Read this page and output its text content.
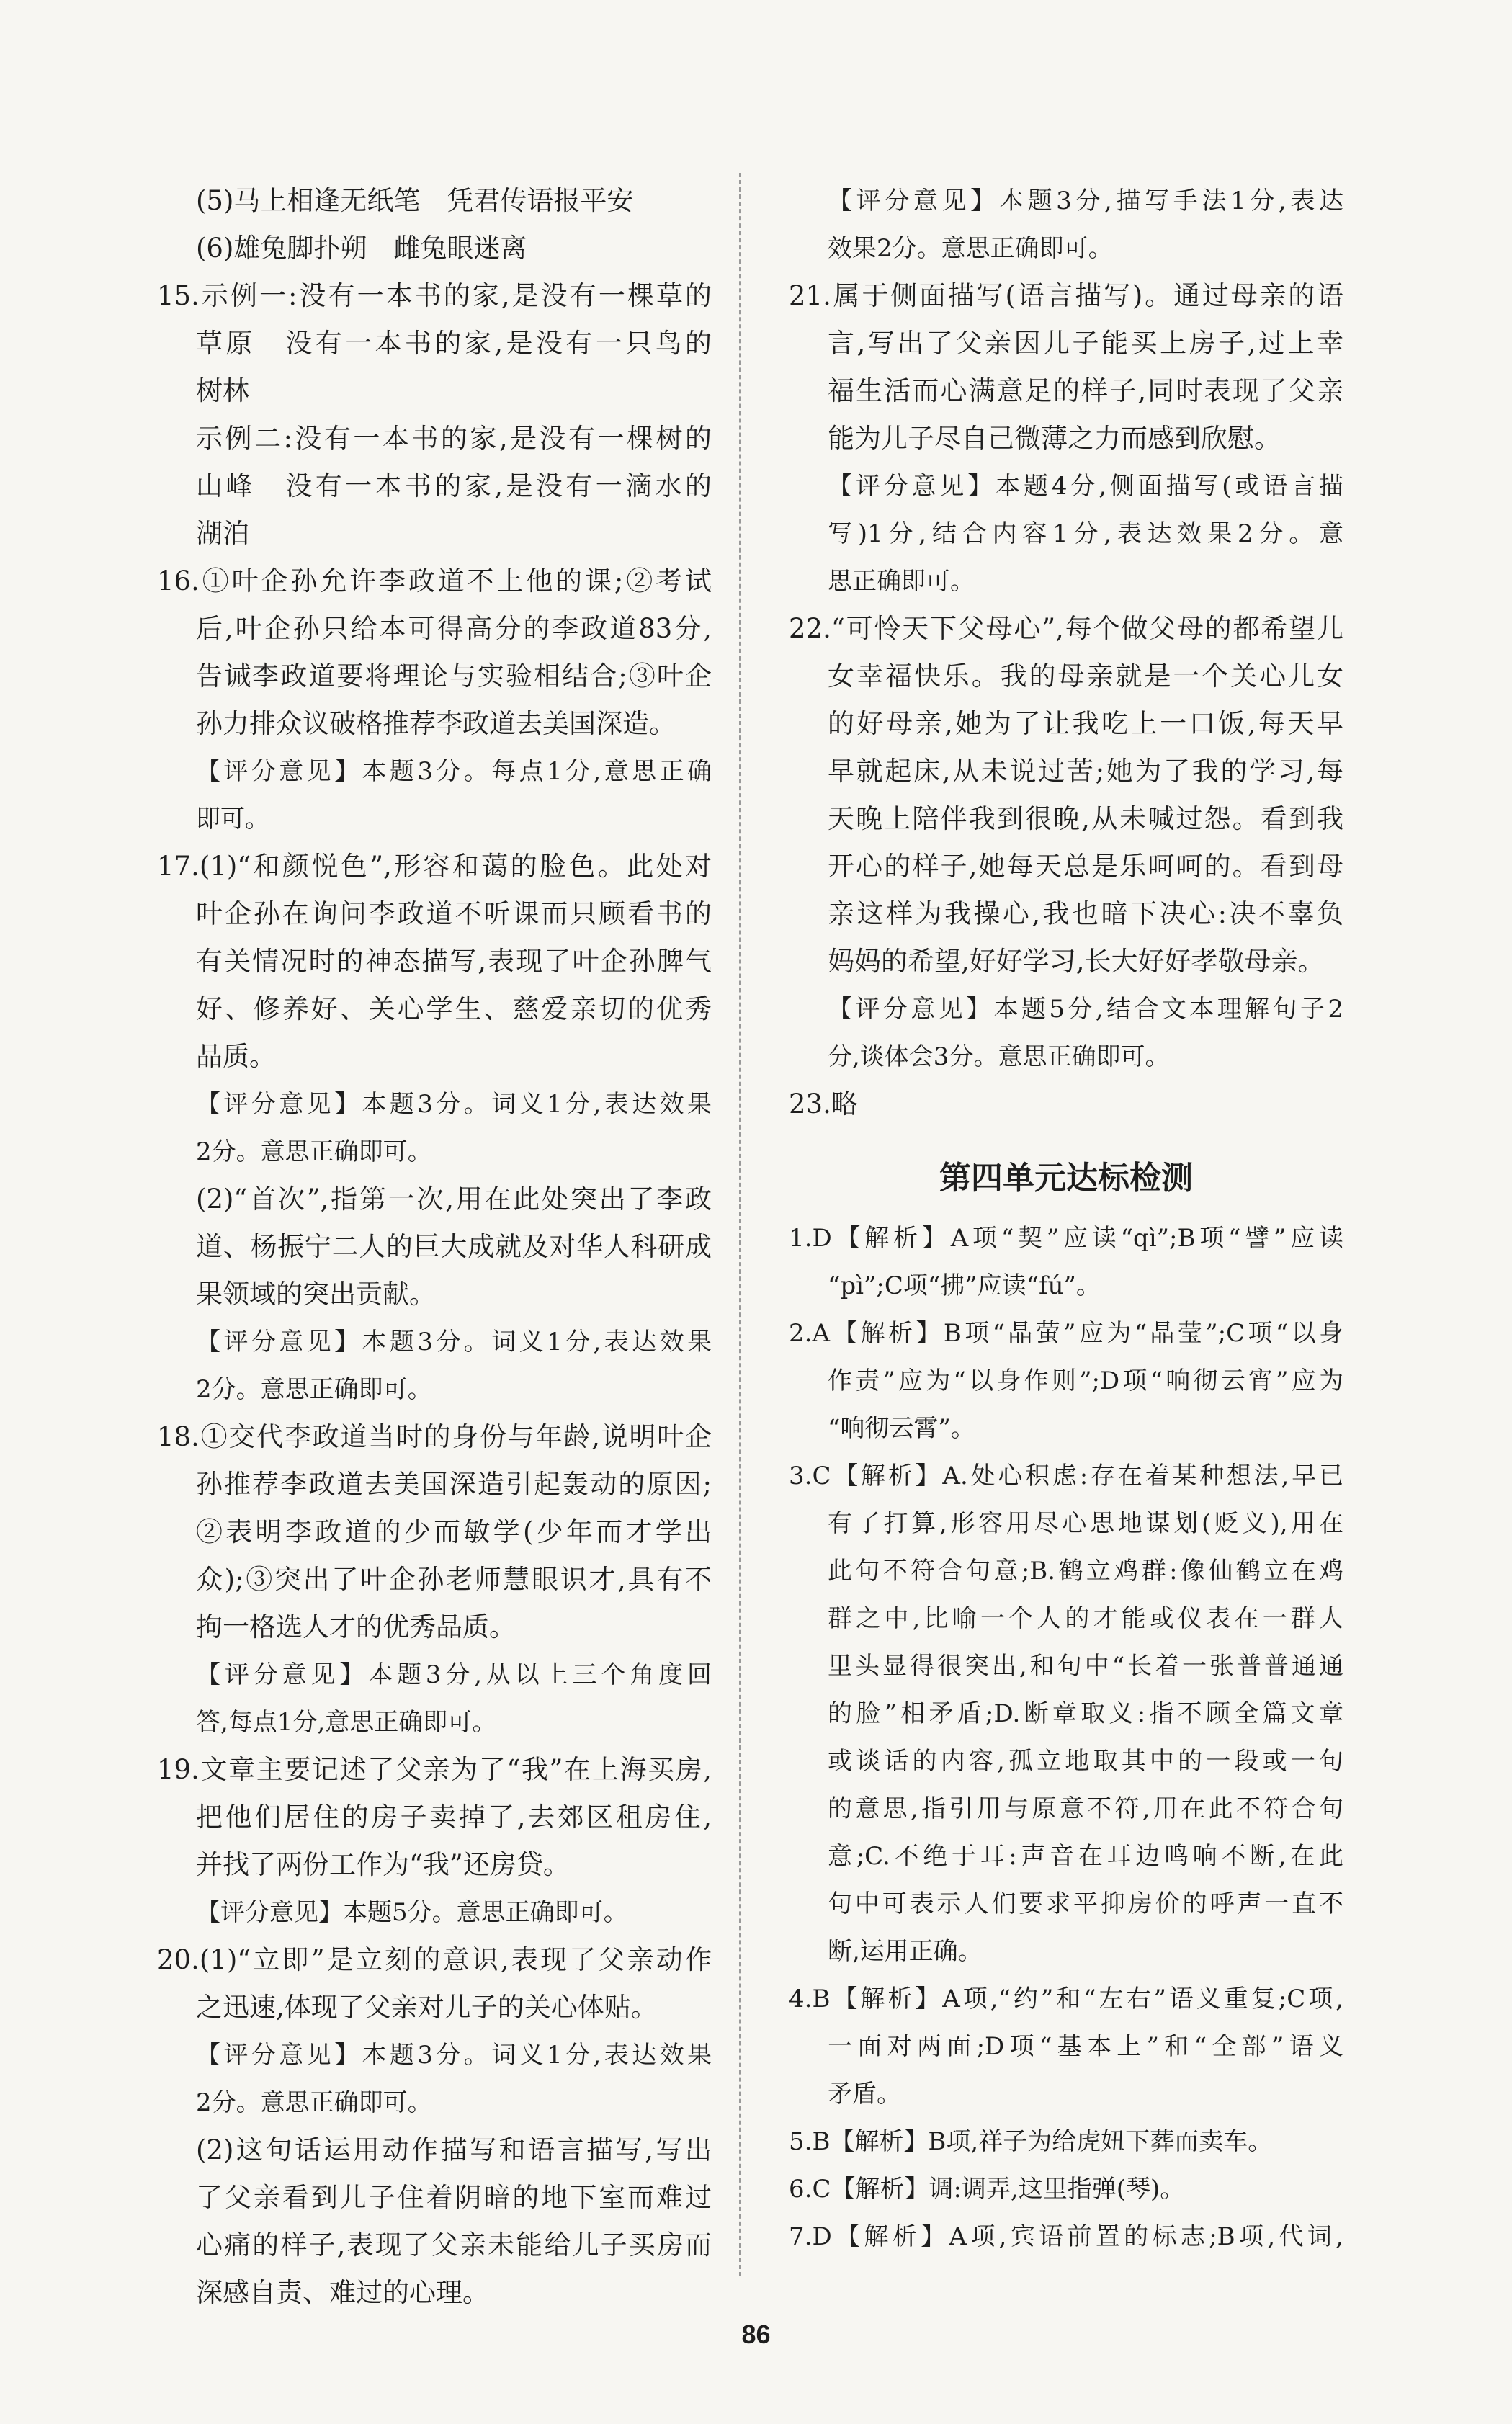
(5)马上相逢无纸笔　凭君传语报平安
(6)雄兔脚扑朔　雌兔眼迷离
15.示例一:没有一本书的家,是没有一棵草的
草原　没有一本书的家,是没有一只鸟的
树林
示例二:没有一本书的家,是没有一棵树的
山峰　没有一本书的家,是没有一滴水的
湖泊
16.①叶企孙允许李政道不上他的课;②考试
后,叶企孙只给本可得高分的李政道83分,
告诫李政道要将理论与实验相结合;③叶企
孙力排众议破格推荐李政道去美国深造。
【评分意见】本题3分。每点1分,意思正确
即可。
17.(1)“和颜悦色”,形容和蔼的脸色。此处对
叶企孙在询问李政道不听课而只顾看书的
有关情况时的神态描写,表现了叶企孙脾气
好、修养好、关心学生、慈爱亲切的优秀
品质。
【评分意见】本题3分。词义1分,表达效果
2分。意思正确即可。
(2)“首次”,指第一次,用在此处突出了李政
道、杨振宁二人的巨大成就及对华人科研成
果领域的突出贡献。
【评分意见】本题3分。词义1分,表达效果
2分。意思正确即可。
18.①交代李政道当时的身份与年龄,说明叶企
孙推荐李政道去美国深造引起轰动的原因;
②表明李政道的少而敏学(少年而才学出
众);③突出了叶企孙老师慧眼识才,具有不
拘一格选人才的优秀品质。
【评分意见】本题3分,从以上三个角度回
答,每点1分,意思正确即可。
19.文章主要记述了父亲为了“我”在上海买房,
把他们居住的房子卖掉了,去郊区租房住,
并找了两份工作为“我”还房贷。
【评分意见】本题5分。意思正确即可。
20.(1)“立即”是立刻的意识,表现了父亲动作
之迅速,体现了父亲对儿子的关心体贴。
【评分意见】本题3分。词义1分,表达效果
2分。意思正确即可。
(2)这句话运用动作描写和语言描写,写出
了父亲看到儿子住着阴暗的地下室而难过
心痛的样子,表现了父亲未能给儿子买房而
深感自责、难过的心理。
【评分意见】本题3分,描写手法1分,表达
效果2分。意思正确即可。
21.属于侧面描写(语言描写)。通过母亲的语
言,写出了父亲因儿子能买上房子,过上幸
福生活而心满意足的样子,同时表现了父亲
能为儿子尽自己微薄之力而感到欣慰。
【评分意见】本题4分,侧面描写(或语言描
写)1分,结合内容1分,表达效果2分。意
思正确即可。
22.“可怜天下父母心”,每个做父母的都希望儿
女幸福快乐。我的母亲就是一个关心儿女
的好母亲,她为了让我吃上一口饭,每天早
早就起床,从未说过苦;她为了我的学习,每
天晚上陪伴我到很晚,从未喊过怨。看到我
开心的样子,她每天总是乐呵呵的。看到母
亲这样为我操心,我也暗下决心:决不辜负
妈妈的希望,好好学习,长大好好孝敬母亲。
【评分意见】本题5分,结合文本理解句子2
分,谈体会3分。意思正确即可。
23.略
第四单元达标检测
1.D【解析】A项“契”应读“qì”;B项“譬”应读
“pì”;C项“拂”应读“fú”。
2.A【解析】B项“晶萤”应为“晶莹”;C项“以身
作责”应为“以身作则”;D项“响彻云宵”应为
“响彻云霄”。
3.C【解析】A.处心积虑:存在着某种想法,早已
有了打算,形容用尽心思地谋划(贬义),用在
此句不符合句意;B.鹤立鸡群:像仙鹤立在鸡
群之中,比喻一个人的才能或仪表在一群人
里头显得很突出,和句中“长着一张普普通通
的脸”相矛盾;D.断章取义:指不顾全篇文章
或谈话的内容,孤立地取其中的一段或一句
的意思,指引用与原意不符,用在此不符合句
意;C.不绝于耳:声音在耳边鸣响不断,在此
句中可表示人们要求平抑房价的呼声一直不
断,运用正确。
4.B【解析】A项,“约”和“左右”语义重复;C项,
一面对两面;D项“基本上”和“全部”语义
矛盾。
5.B【解析】B项,祥子为给虎妞下葬而卖车。
6.C【解析】调:调弄,这里指弹(琴)。
7.D【解析】A项,宾语前置的标志;B项,代词,
86
